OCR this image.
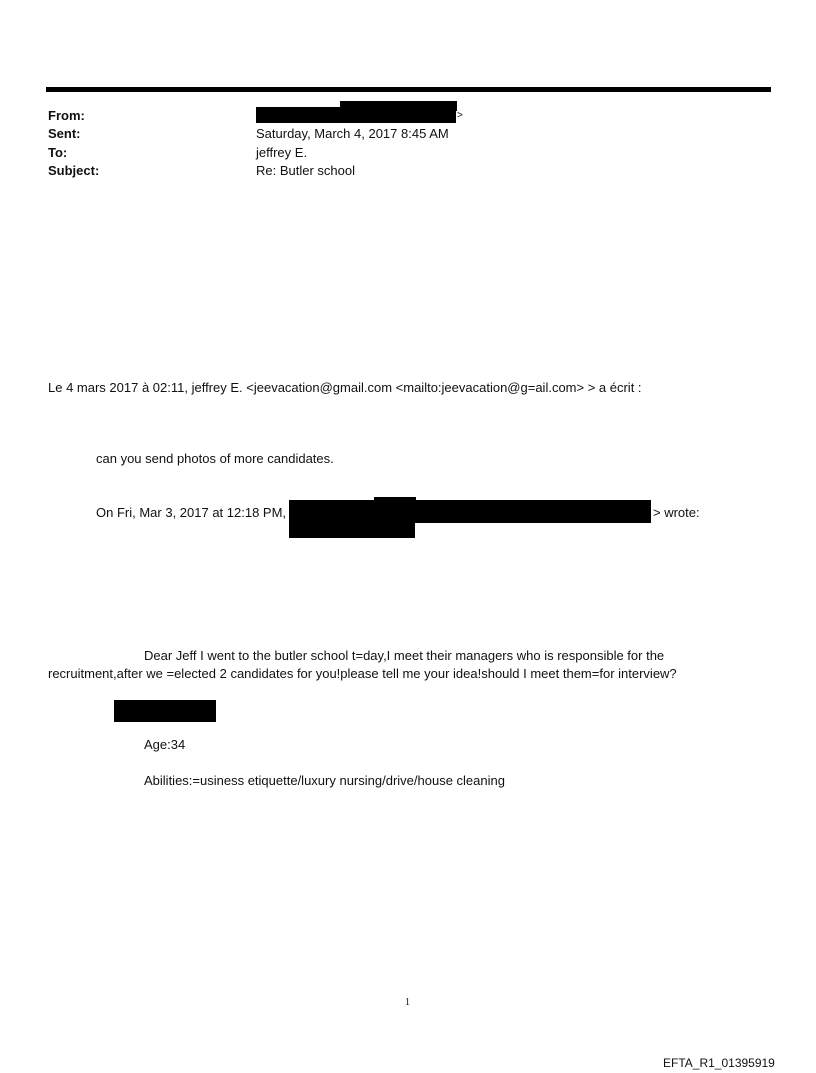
From:	>
Sent:	Saturday, March 4, 2017 8:45 AM
To:	jeffrey E.
Subject:	Re: Butler school
Le 4 mars 2017 à 02:11, jeffrey E. <jeevacation@gmail.com <mailto:jeevacation@g=ail.com> > a écrit :
can you send photos of more candidates.
On Fri, Mar 3, 2017 at 12:18 PM,	> wrote:
Dear Jeff I went to the butler school t=day,I meet their managers who is responsible for the
recruitment,after we =elected 2 candidates for you!please tell me your idea!should I meet them=for interview?
Age:34
Abilities:=usiness etiquette/luxury nursing/drive/house cleaning
1
EFTA_R1_01395919
